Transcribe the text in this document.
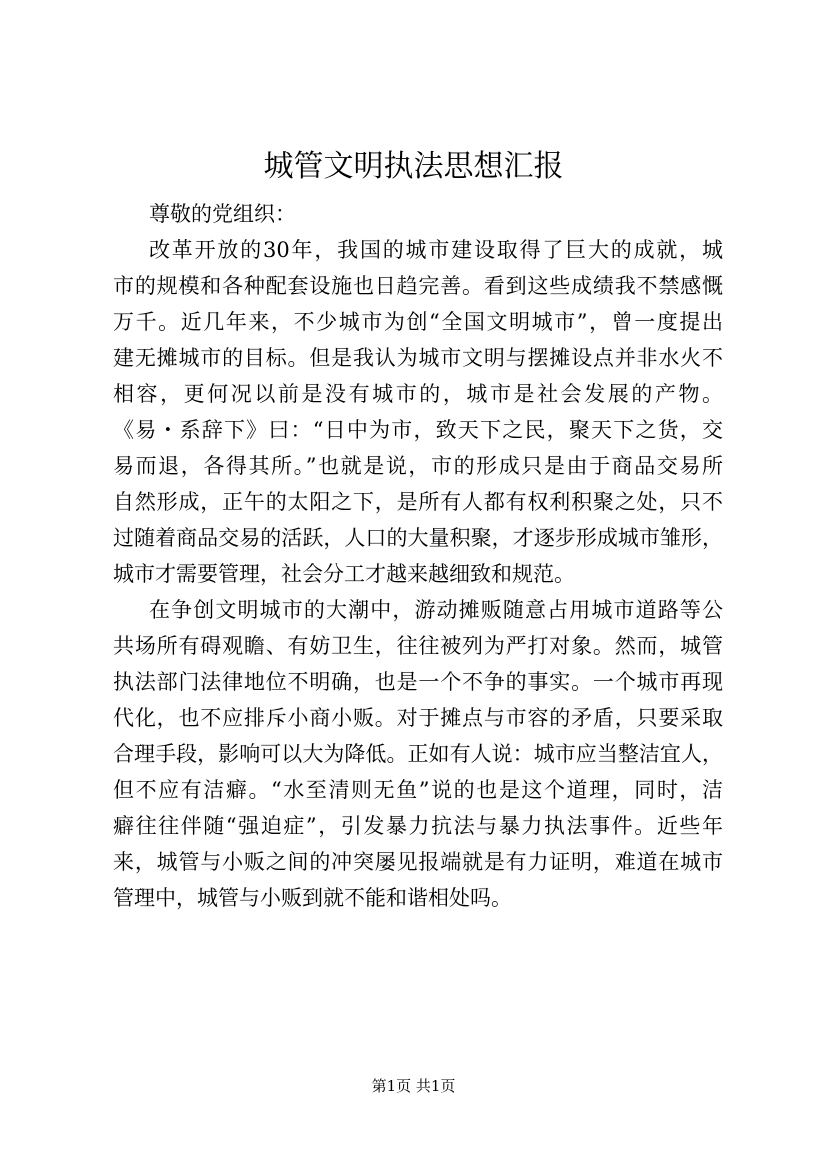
城管文明执法思想汇报

尊敬的党组织：

改革开放的30年，我国的城市建设取得了巨大的成就，城
市的规模和各种配套设施也日趋完善。看到这些成绩我不禁感慨
万千。近几年来，不少城市为创“全国文明城市”，曾一度提出
建无摊城市的目标。但是我认为城市文明与摆摊设点并非水火不
相容，更何况以前是没有城市的，城市是社会发展的产物。
《易・系辞下》曰：“日中为市，致天下之民，聚天下之货，交
易而退，各得其所。”也就是说，市的形成只是由于商品交易所
自然形成，正午的太阳之下，是所有人都有权利积聚之处，只不
过随着商品交易的活跃，人口的大量积聚，才逐步形成城市雏形，
城市才需要管理，社会分工才越来越细致和规范。
在争创文明城市的大潮中，游动摊贩随意占用城市道路等公
共场所有碍观瞻、有妨卫生，往往被列为严打对象。然而，城管
执法部门法律地位不明确，也是一个不争的事实。一个城市再现
代化，也不应排斥小商小贩。对于摊点与市容的矛盾，只要采取
合理手段，影响可以大为降低。正如有人说：城市应当整洁宜人，
但不应有洁癖。“水至清则无鱼”说的也是这个道理，同时，洁
癖往往伴随“强迫症”，引发暴力抗法与暴力执法事件。近些年
来，城管与小贩之间的冲突屡见报端就是有力证明，难道在城市
管理中，城管与小贩到就不能和谐相处吗。
第1页 共1页
